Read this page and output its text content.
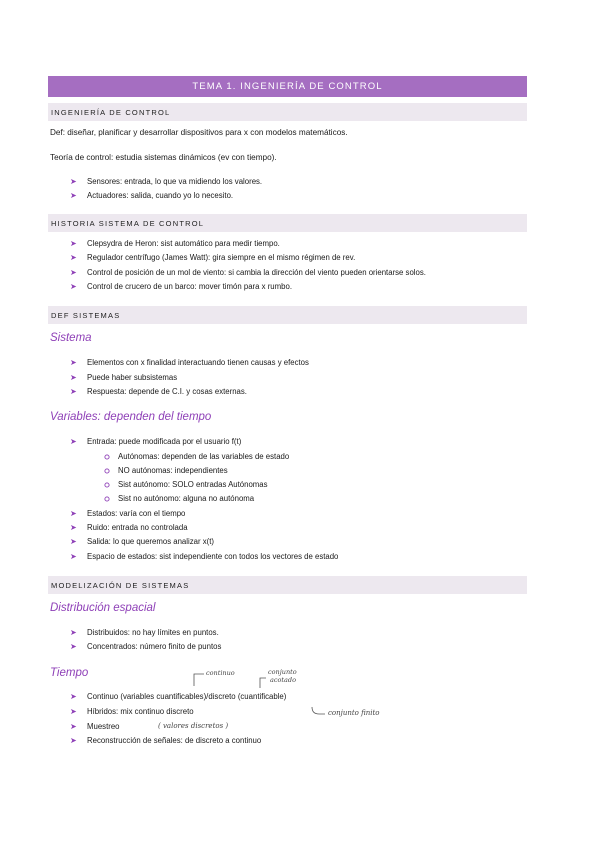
TEMA 1. INGENIERÍA DE CONTROL
INGENIERÍA DE CONTROL
Def: diseñar, planificar y desarrollar dispositivos para x con modelos matemáticos.
Teoría de control: estudia sistemas dinámicos (ev con tiempo).
➤	Sensores: entrada, lo que va midiendo los valores.
➤	Actuadores: salida, cuando yo lo necesito.
HISTORIA SISTEMA DE CONTROL
➤	Clepsydra de Heron: sist automático para medir tiempo.
➤	Regulador centrífugo (James Watt): gira siempre en el mismo régimen de rev.
➤	Control de posición de un mol de viento: si cambia la dirección del viento pueden orientarse solos.
➤	Control de crucero de un barco: mover timón para x rumbo.
DEF SISTEMAS
Sistema
➤	Elementos con x finalidad interactuando tienen causas y efectos
➤	Puede haber subsistemas
➤	Respuesta: depende de C.I. y cosas externas.
Variables: dependen del tiempo
➤	Entrada: puede modificada por el usuario f(t)
Autónomas: dependen de las variables de estado
NO autónomas: independientes
Sist autónomo: SOLO entradas Autónomas
Sist no autónomo: alguna no autónoma
➤	Estados: varía con el tiempo
➤	Ruido: entrada no controlada
➤	Salida: lo que queremos analizar x(t)
➤	Espacio de estados: sist independiente con todos los vectores de estado
MODELIZACIÓN DE SISTEMAS
Distribución espacial
➤	Distribuidos: no hay límites en puntos.
➤	Concentrados: número finito de puntos
Tiempo
➤	Continuo (variables cuantificables)/discreto (cuantificable)
➤	Híbridos: mix continuo discreto
➤	Muestreo
➤	Reconstrucción de señales: de discreto a continuo
continuo	conjunto
acotado
conjunto finito
( valores discretos )
